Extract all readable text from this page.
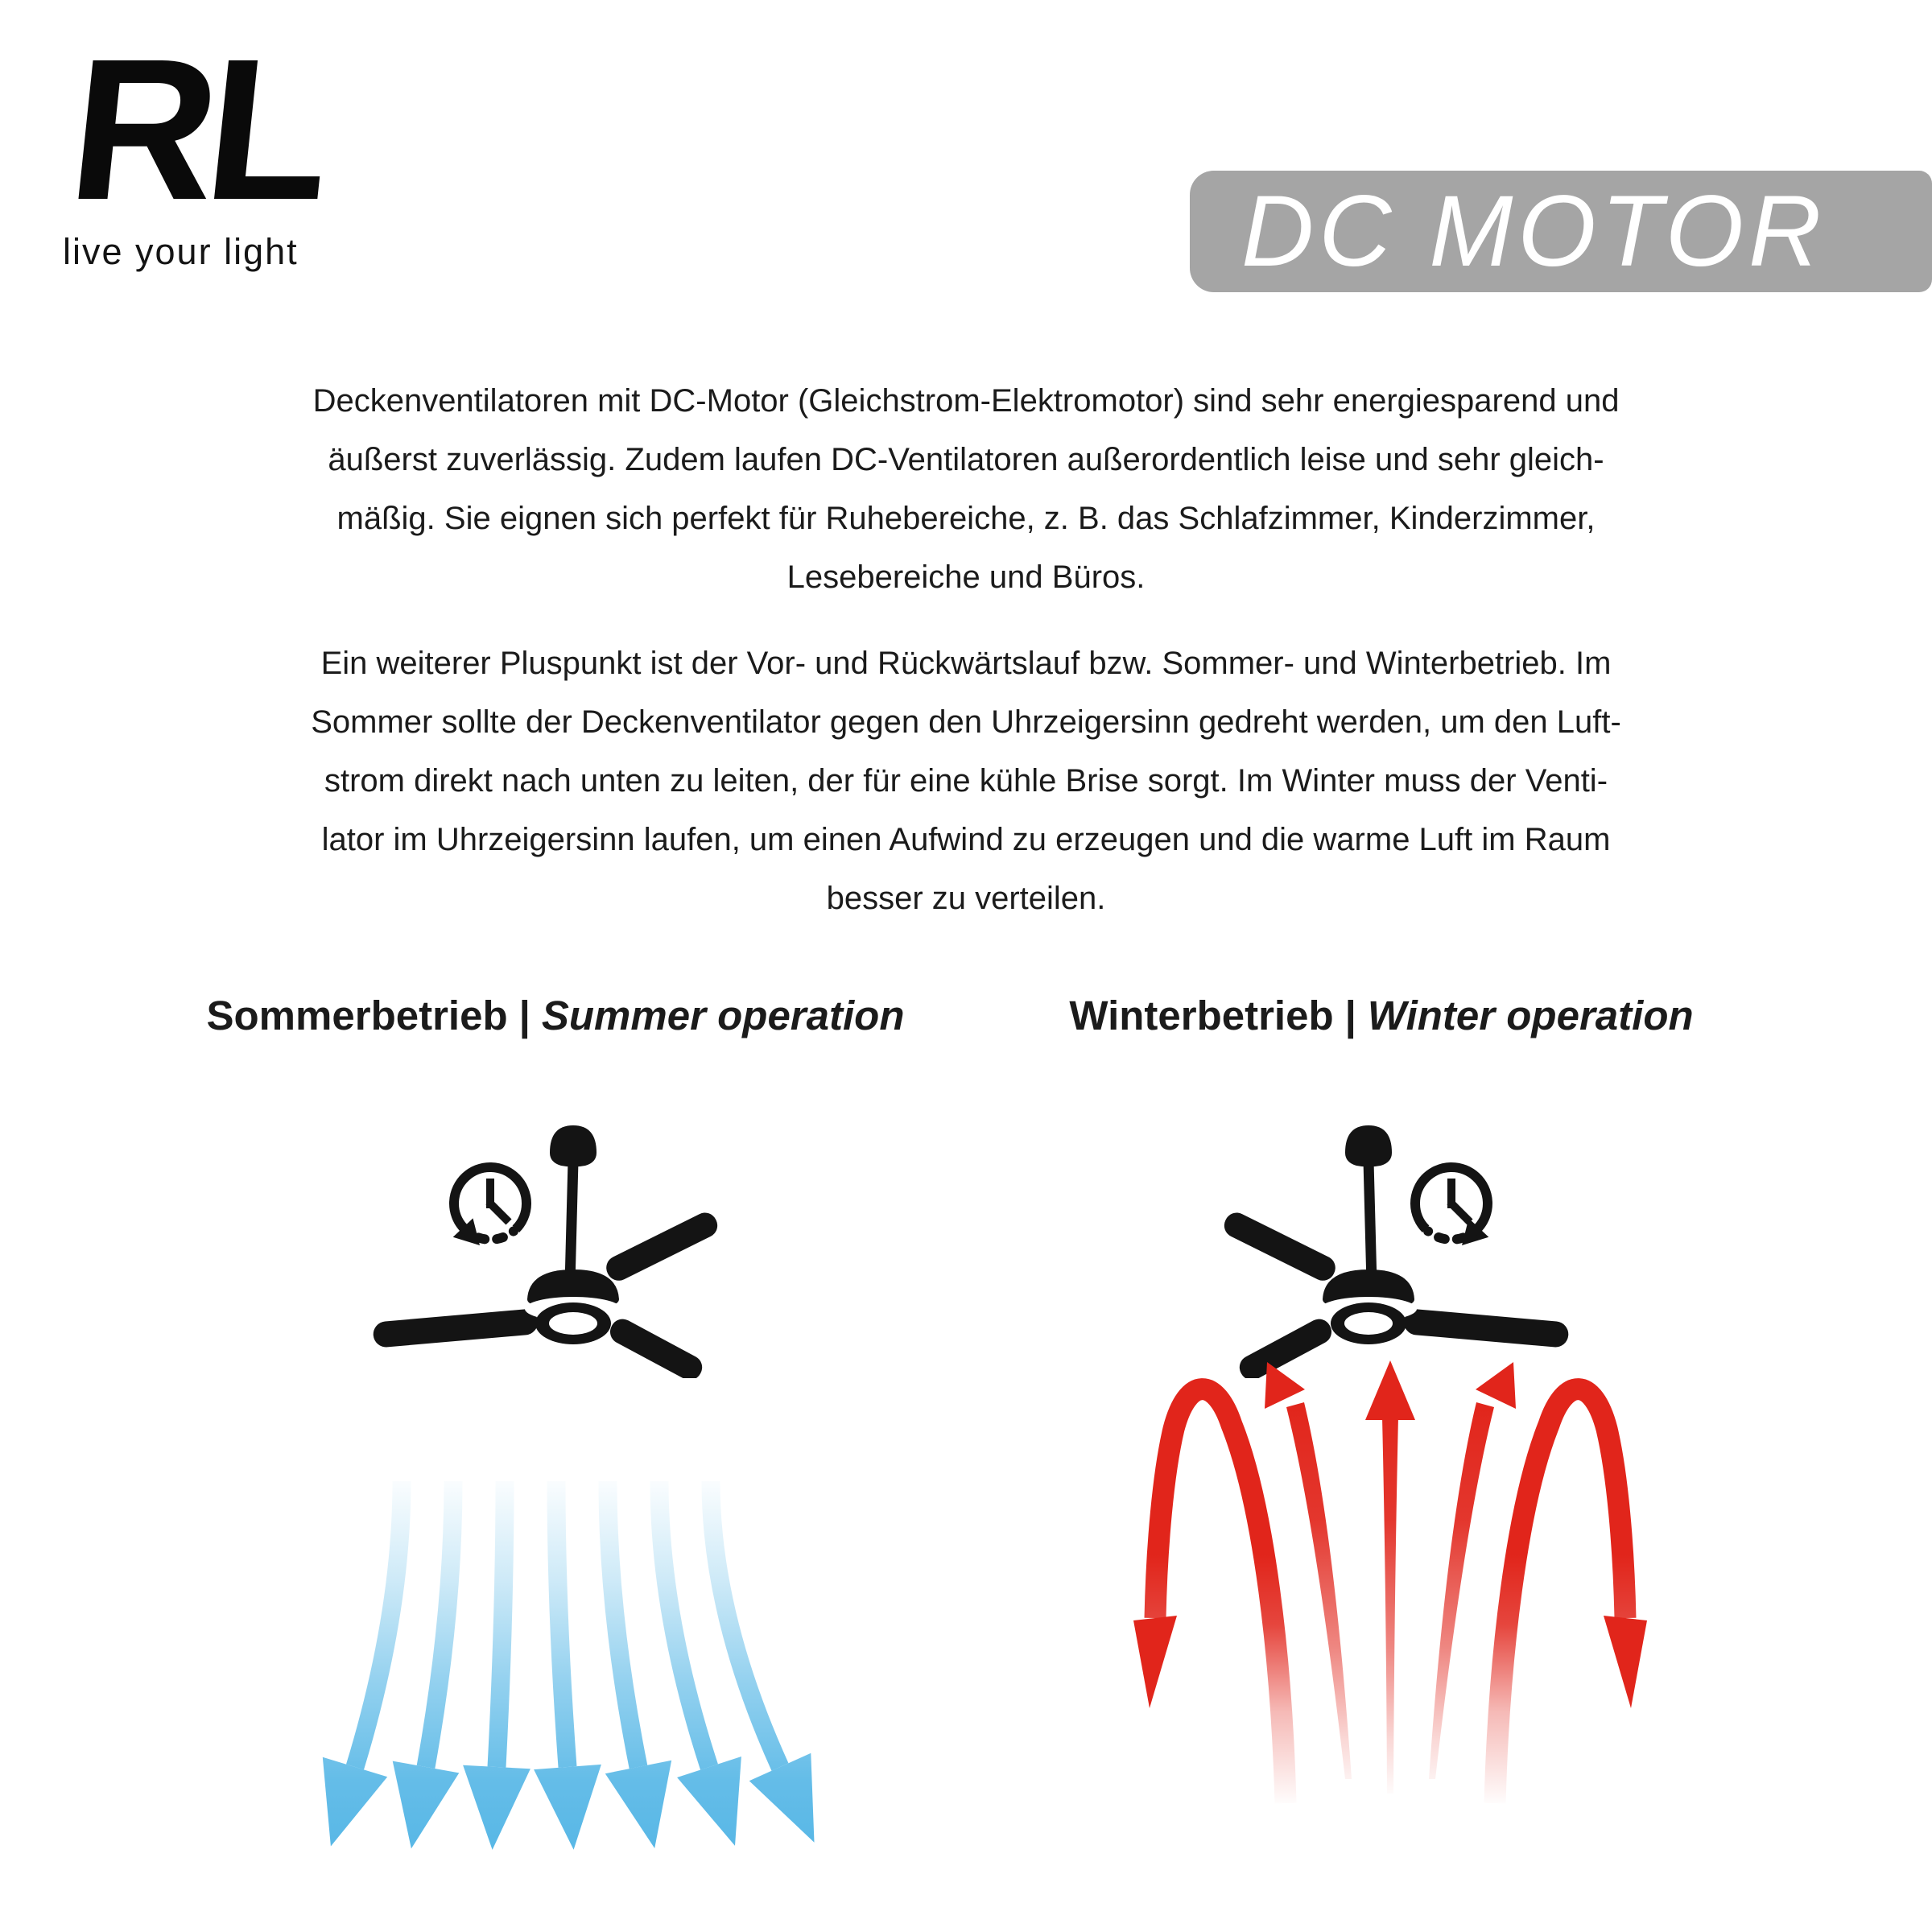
RL
live your light	DC MOTOR
Deckenventilatoren mit DC-Motor (Gleichstrom-Elektromotor) sind sehr energiesparend und
äußerst zuverlässig. Zudem laufen DC-Ventilatoren außerordentlich leise und sehr gleich-
mäßig. Sie eignen sich perfekt für Ruhebereiche, z. B. das Schlafzimmer, Kinderzimmer,
Lesebereiche und Büros.
Ein weiterer Pluspunkt ist der Vor- und Rückwärtslauf bzw. Sommer- und Winterbetrieb. Im
Sommer sollte der Deckenventilator gegen den Uhrzeigersinn gedreht werden, um den Luft-
strom direkt nach unten zu leiten, der für eine kühle Brise sorgt. Im Winter muss der Venti-
lator im Uhrzeigersinn laufen, um einen Aufwind zu erzeugen und die warme Luft im Raum
besser zu verteilen.
Sommerbetrieb | Summer operation	Winterbetrieb | Winter operation
